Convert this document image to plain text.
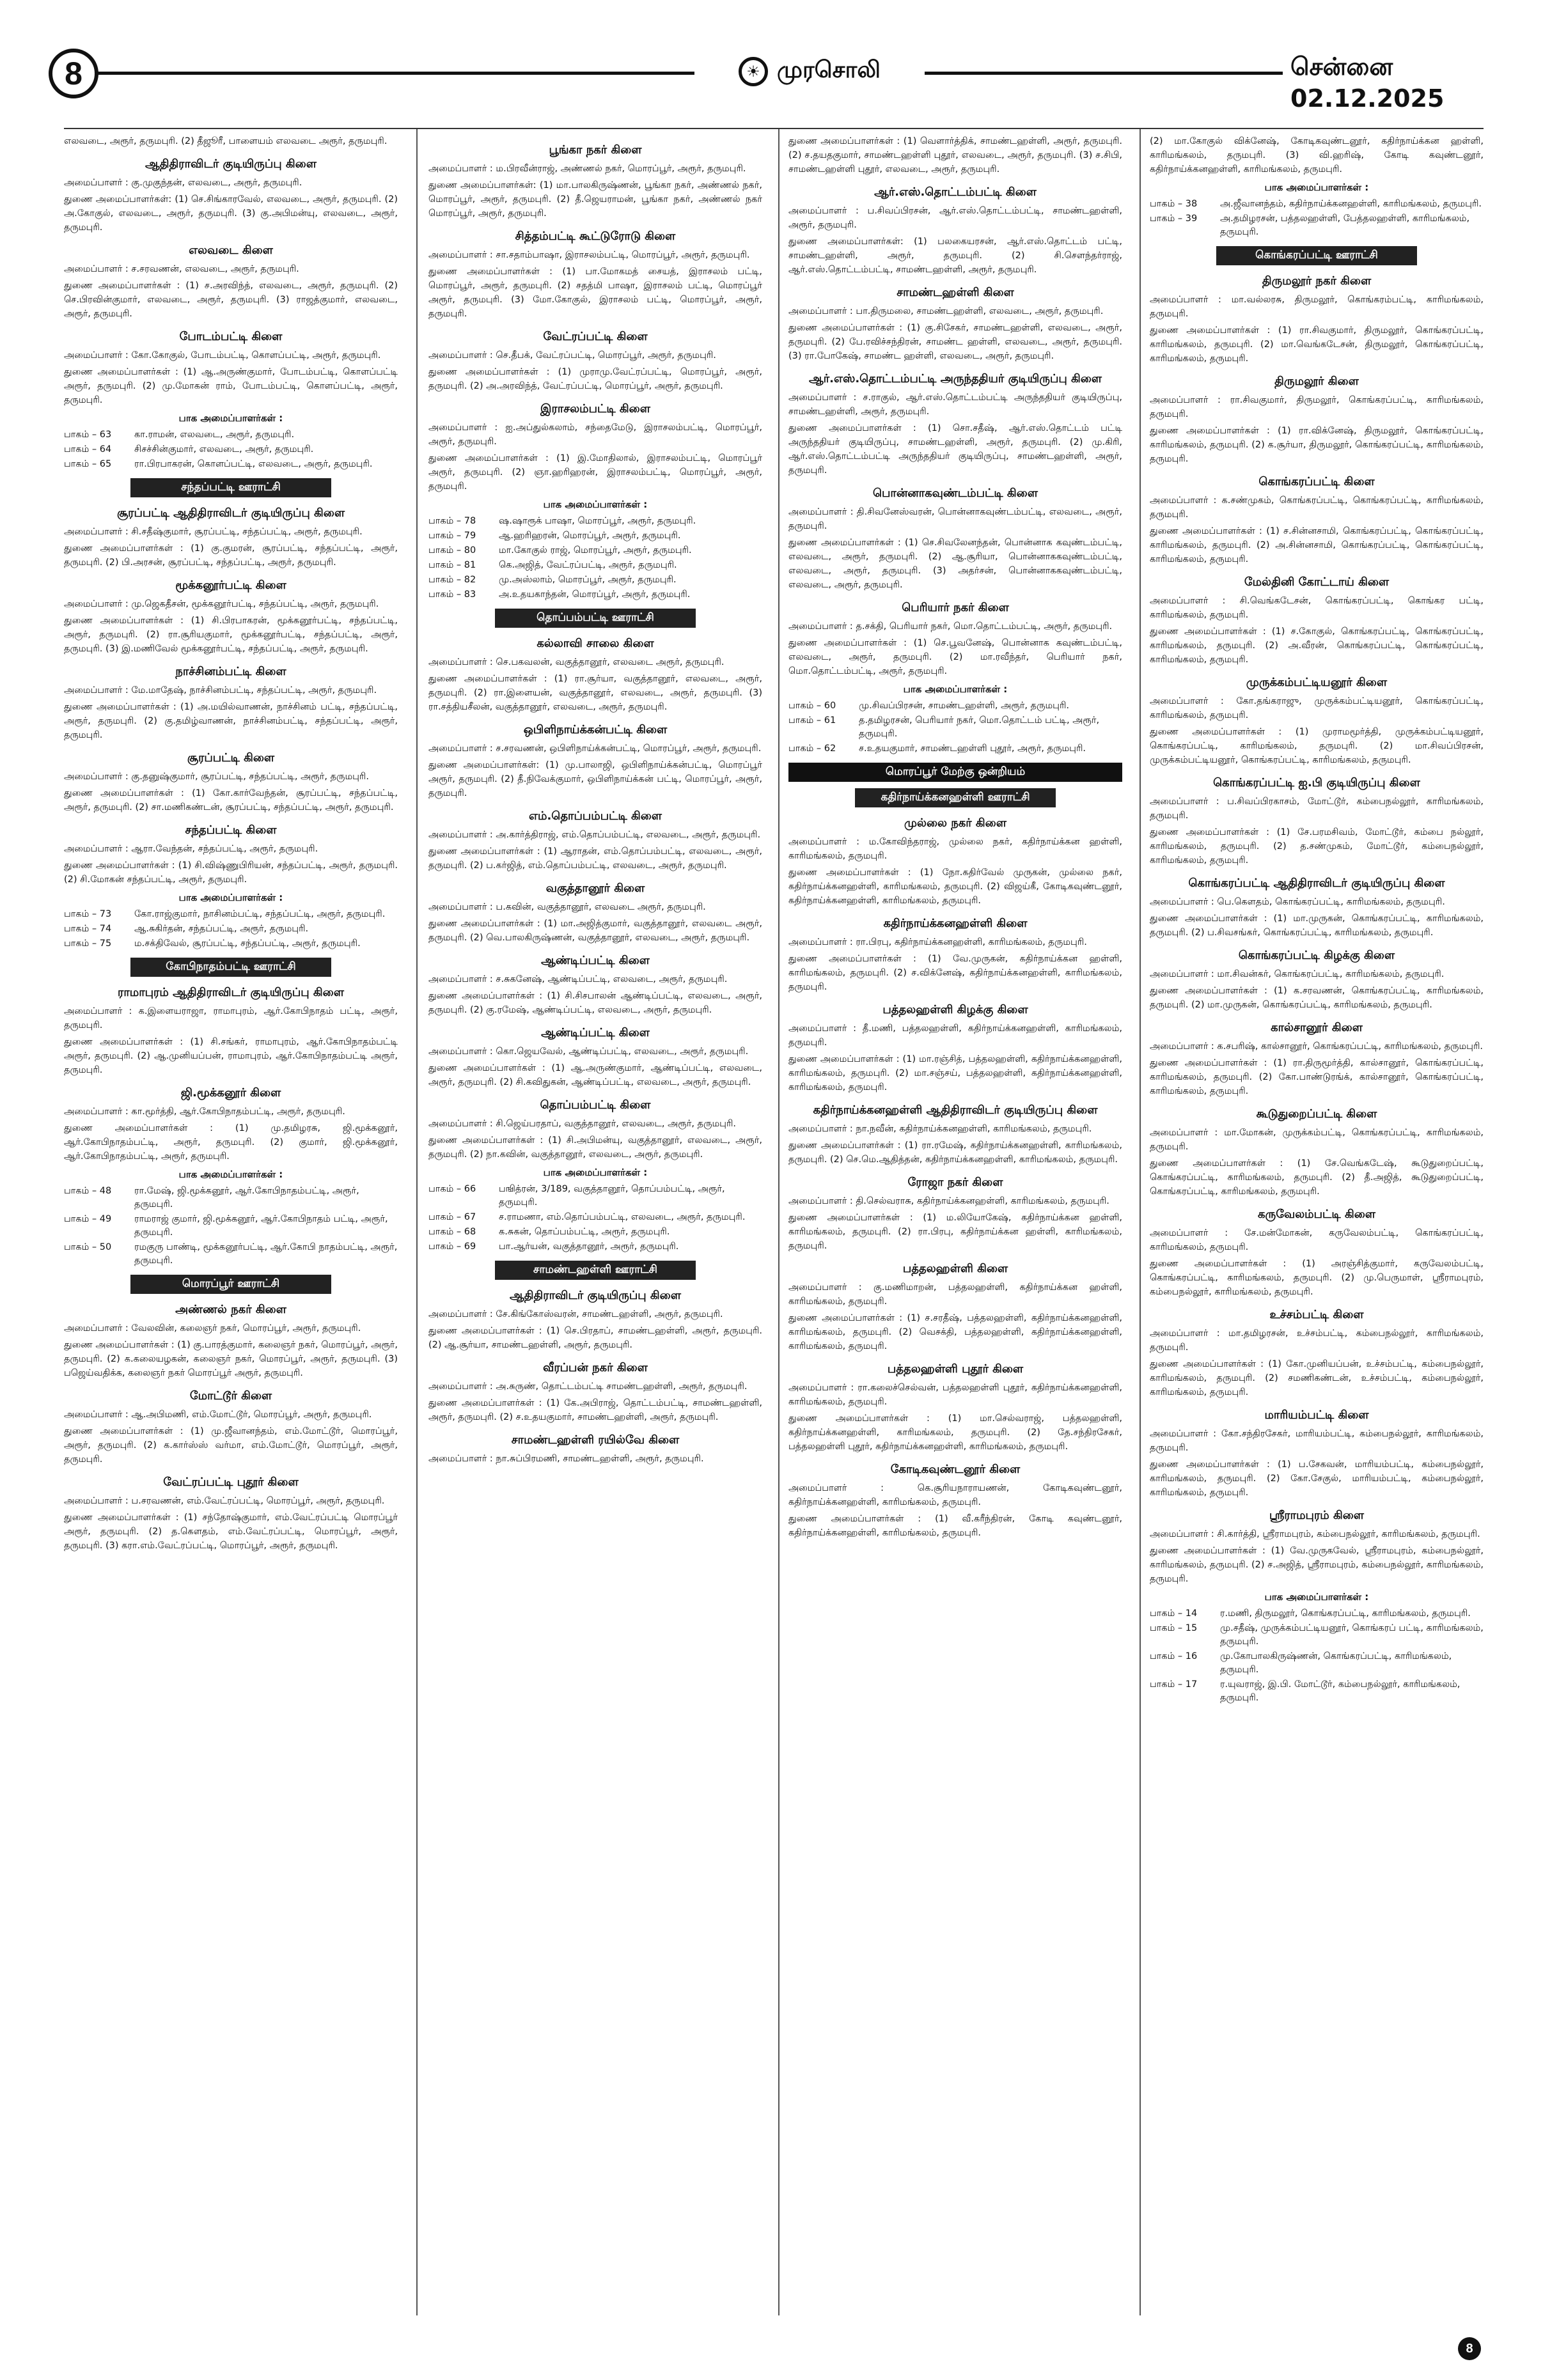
8	☀ முரசொலி	சென்னை 02.12.2025

எலவடை, அரூர், தருமபுரி. (2) தீஜூரீ, பாளையம் எலவடை அரூர், தருமபுரி.

ஆதிதிராவிடர் குடியிருப்பு கிளை

அமைப்பாளர் : கு.முகுந்தன், எலவடை, அரூர், தருமபுரி.

துணை அமைப்பாளர்கள்: (1) செ.சிங்காரவேல், எலவடை, அரூர், தருமபுரி. (2) அ.கோகுல், எலவடை, அரூர், தருமபுரி. (3) கு.அபிமன்யு, எலவடை, அரூர், தருமபுரி.

எலவடை கிளை

அமைப்பாளர் : ச.சரவணன், எலவடை, அரூர், தருமபுரி.

துணை அமைப்பாளர்கள் : (1) ச.அரவிந்த், எலவடை, அரூர், தருமபுரி. (2) செ.பிரவின்குமார், எலவடை, அரூர், தருமபுரி. (3) ராஜத்குமார், எலவடை, அரூர், தருமபுரி.

போடம்பட்டி கிளை

அமைப்பாளர் : கோ.கோகுல், போடம்பட்டி, கொளப்பட்டி, அரூர், தருமபுரி.

துணை அமைப்பாளர்கள் : (1) ஆ.அருண்குமார், போடம்பட்டி, கொளப்பட்டி அரூர், தருமபுரி. (2) மு.மோகன் ராம், போடம்பட்டி, கொளப்பட்டி, அரூர், தருமபுரி.

பாக அமைப்பாளர்கள் :

பாகம் – 63	கா.ராமன், எலவடை, அரூர், தருமபுரி.
பாகம் – 64	சிசச்சின்குமார், எலவடை, அரூர், தருமபுரி.
பாகம் – 65	ரா.பிரபாகரன், கொளப்பட்டி, எலவடை, அரூர், தருமபுரி.
சந்தப்பட்டி ஊராட்சி
சூரப்பட்டி ஆதிதிராவிடர் குடியிருப்பு கிளை

அமைப்பாளர் : சி.சதீஷ்குமார், சூரப்பட்டி, சந்தப்பட்டி, அரூர், தருமபுரி.

துணை அமைப்பாளர்கள் : (1) கு.குமரன், சூரப்பட்டி, சந்தப்பட்டி, அரூர், தருமபுரி. (2) பி.அரசன், சூரப்பட்டி, சந்தப்பட்டி, அரூர், தருமபுரி.

மூக்கனூர்பட்டி கிளை

அமைப்பாளர் : மு.ஜெகதீசன், மூக்கனூர்பட்டி, சந்தப்பட்டி, அரூர், தருமபுரி.

துணை அமைப்பாளர்கள் : (1) சி.பிரபாகரன், மூக்கனூர்பட்டி, சந்தப்பட்டி, அரூர், தருமபுரி. (2) ரா.சூரியகுமார், மூக்கனூர்பட்டி, சந்தப்பட்டி, அரூர், தருமபுரி. (3) இ.மணிவேல் மூக்கனூர்பட்டி, சந்தப்பட்டி, அரூர், தருமபுரி.

நாச்சினம்பட்டி கிளை

அமைப்பாளர் : மே.மாதேஷ், நாச்சினம்பட்டி, சந்தப்பட்டி, அரூர், தருமபுரி.

துணை அமைப்பாளர்கள் : (1) அ.மயில்வாணன், நாச்சினம் பட்டி, சந்தப்பட்டி, அரூர், தருமபுரி. (2) கு.தமிழ்வாணன், நாச்சினம்பட்டி, சந்தப்பட்டி, அரூர், தருமபுரி.

சூரப்பட்டி கிளை

அமைப்பாளர் : கு.தனுஷ்குமார், சூரப்பட்டி, சந்தப்பட்டி, அரூர், தருமபுரி.

துணை அமைப்பாளர்கள் : (1) கோ.கார்வேந்தன், சூரப்பட்டி, சந்தப்பட்டி, அரூர், தருமபுரி. (2) சா.மணிகண்டன், சூரப்பட்டி, சந்தப்பட்டி, அரூர், தருமபுரி.

சந்தப்பட்டி கிளை

அமைப்பாளர் : ஆரா.வேந்தன், சந்தப்பட்டி, அரூர், தருமபுரி.

துணை அமைப்பாளர்கள் : (1) சி.விஷ்ணுபிரியன், சந்தப்பட்டி, அரூர், தருமபுரி. (2) சி.மோகன் சந்தப்பட்டி, அரூர், தருமபுரி.

பாக அமைப்பாளர்கள் :

பாகம் – 73	கோ.ராஜ்குமார், நாசினம்பட்டி, சந்தப்பட்டி, அரூர், தருமபுரி.
பாகம் – 74	ஆ.சுகிர்தன், சந்தப்பட்டி, அரூர், தருமபுரி.
பாகம் – 75	ம.சக்திவேல், சூரப்பட்டி, சந்தப்பட்டி, அரூர், தருமபுரி.
கோபிநாதம்பட்டி ஊராட்சி
ராமாபுரம் ஆதிதிராவிடர் குடியிருப்பு கிளை

அமைப்பாளர் : க.இளையராஜா, ராமாபுரம், ஆர்.கோபிநாதம் பட்டி, அரூர், தருமபுரி.

துணை அமைப்பாளர்கள் : (1) சி.சங்கர், ராமாபுரம், ஆர்.கோபிநாதம்பட்டி அரூர், தருமபுரி. (2) ஆ.முனியப்பன், ராமாபுரம், ஆர்.கோபிநாதம்பட்டி அரூர், தருமபுரி.

ஜி.மூக்கனூர் கிளை

அமைப்பாளர் : கா.மூர்த்தி, ஆர்.கோபிநாதம்பட்டி, அரூர், தருமபுரி.

துணை அமைப்பாளர்கள் : (1) மு.தமிழரசு, ஜி.மூக்கனூர், ஆர்.கோபிநாதம்பட்டி, அரூர், தருமபுரி. (2) குமார், ஜி.மூக்கனூர், ஆர்.கோபிநாதம்பட்டி, அரூர், தருமபுரி.

பாக அமைப்பாளர்கள் :

பாகம் – 48	ரா.மேஷ், ஜி.மூக்கனூர், ஆர்.கோபிநாதம்பட்டி, அரூர், தருமபுரி.
பாகம் – 49	ராமராஜ் குமார், ஜி.மூக்கனூர், ஆர்.கோபிநாதம் பட்டி, அரூர், தருமபுரி.
பாகம் – 50	ரமகுரு பாண்டி, மூக்கனூர்பட்டி, ஆர்.கோபி நாதம்பட்டி, அரூர், தருமபுரி.
மொரப்பூர் ஊராட்சி
அண்ணல் நகர் கிளை

அமைப்பாளர் : வேலவின், கலைஞர் நகர், மொரப்பூர், அரூர், தருமபுரி.

துணை அமைப்பாளர்கள் : (1) கு.பாரத்குமார், கலைஞர் நகர், மொரப்பூர், அரூர், தருமபுரி. (2) க.கலையழகன், கலைஞர் நகர், மொரப்பூர், அரூர், தருமபுரி. (3) பஜெய்வதிக்க, கலைஞர் நகர் மொரப்பூர் அரூர், தருமபுரி.

மோட்டூர் கிளை

அமைப்பாளர் : ஆ.அபிமணி, எம்.மோட்டூர், மொரப்பூர், அரூர், தருமபுரி.

துணை அமைப்பாளர்கள் : (1) மு.ஜீவானந்தம், எம்.மோட்டூர், மொரப்பூர், அரூர், தருமபுரி. (2) க.கார்ஸ்ஸ் வர்மா, எம்.மோட்டூர், மொரப்பூர், அரூர், தருமபுரி.

வேட்ரப்பட்டி புதூர் கிளை

அமைப்பாளர் : ப.சரவணன், எம்.வேட்ரப்பட்டி, மொரப்பூர், அரூர், தருமபுரி.

துணை அமைப்பாளர்கள் : (1) சந்தோஷ்குமார், எம்.வேட்ரப்பட்டி மொரப்பூர் அரூர், தருமபுரி. (2) த.கௌதம், எம்.வேட்ரப்பட்டி, மொரப்பூர், அரூர், தருமபுரி. (3) கரா.எம்.வேட்ரப்பட்டி, மொரப்பூர், அரூர், தருமபுரி.

பூங்கா நகர் கிளை

அமைப்பாளர் : ம.பிரவீன்ராஜ், அண்ணல் நகர், மொரப்பூர், அரூர், தருமபுரி.

துணை அமைப்பாளர்கள்: (1) மா.பாலகிருஷ்ணன், பூங்கா நகர், அண்ணல் நகர், மொரப்பூர், அரூர், தருமபுரி. (2) தீ.ஜெயராமன், பூங்கா நகர், அண்ணல் நகர் மொரப்பூர், அரூர், தருமபுரி.

சித்தம்பட்டி கூட்டுரோடு கிளை

அமைப்பாளர் : சா.சதாம்பாஷா, இராசலம்பட்டி, மொரப்பூர், அரூர், தருமபுரி.

துணை அமைப்பாளர்கள் : (1) பா.மோகமத் சையத், இராசலம் பட்டி, மொரப்பூர், அரூர், தருமபுரி. (2) சதத்மி பாஷா, இராசலம் பட்டி, மொரப்பூர் அரூர், தருமபுரி. (3) மோ.கோகுல், இராசலம் பட்டி, மொரப்பூர், அரூர், தருமபுரி.

வேட்ரப்பட்டி கிளை

அமைப்பாளர் : செ.தீபக், வேட்ரப்பட்டி, மொரப்பூர், அரூர், தருமபுரி.

துணை அமைப்பாளர்கள் : (1) முராமு.வேட்ரப்பட்டி, மொரப்பூர், அரூர், தருமபுரி. (2) அ.அரவிந்த், வேட்ரப்பட்டி, மொரப்பூர், அரூர், தருமபுரி.

இராசலம்பட்டி கிளை

அமைப்பாளர் : ஐ.அப்துல்கலாம், சந்தைமேடு, இராசலம்பட்டி, மொரப்பூர், அரூர், தருமபுரி.

துணை அமைப்பாளர்கள் : (1) இ.மோதிலால், இராசலம்பட்டி, மொரப்பூர் அரூர், தருமபுரி. (2) ஞா.ஹரிஹரன், இராசலம்பட்டி, மொரப்பூர், அரூர், தருமபுரி.

பாக அமைப்பாளர்கள் :

பாகம் – 78	ஷ.ஷாரூக் பாஷா, மொரப்பூர், அரூர், தருமபுரி.
பாகம் – 79	ஆ.ஹரிஹரன், மொரப்பூர், அரூர், தருமபுரி.
பாகம் – 80	மா.கோகுல் ராஜ், மொரப்பூர், அரூர், தருமபுரி.
பாகம் – 81	கெ.அஜித், வேட்ரப்பட்டி, அரூர், தருமபுரி.
பாகம் – 82	மு.அஸ்லாம், மொரப்பூர், அரூர், தருமபுரி.
பாகம் – 83	அ.உதயகாந்தன், மொரப்பூர், அரூர், தருமபுரி.
தொப்பம்பட்டி ஊராட்சி
கல்லாவி சாலை கிளை

அமைப்பாளர் : செ.பகவலன், வகுத்தானூர், எலவடை அரூர், தருமபுரி.

துணை அமைப்பாளர்கள் : (1) ரா.சூர்யா, வகுத்தானூர், எலவடை, அரூர், தருமபுரி. (2) ரா.இளையன், வகுத்தானூர், எலவடை, அரூர், தருமபுரி. (3) ரா.சத்தியசீலன், வகுத்தானூர், எலவடை, அரூர், தருமபுரி.

ஒபிளிநாய்க்கன்பட்டி கிளை

அமைப்பாளர் : ச.சரவணன், ஒபிளிநாய்க்கன்பட்டி, மொரப்பூர், அரூர், தருமபுரி.

துணை அமைப்பாளர்கள்: (1) மு.பாலாஜி, ஒபிளிநாய்க்கன்பட்டி, மொரப்பூர் அரூர், தருமபுரி. (2) தீ.நிவேக்குமார், ஒபிளிநாய்க்கன் பட்டி, மொரப்பூர், அரூர், தருமபுரி.

எம்.தொப்பம்பட்டி கிளை

அமைப்பாளர் : அ.கார்த்திராஜ், எம்.தொப்பம்பட்டி, எலவடை, அரூர், தருமபுரி.

துணை அமைப்பாளர்கள் : (1) ஆராதன், எம்.தொப்பம்பட்டி, எலவடை, அரூர், தருமபுரி. (2) ப.கர்ஜித், எம்.தொப்பம்பட்டி, எலவடை, அரூர், தருமபுரி.

வகுத்தானூர் கிளை

அமைப்பாளர் : ப.கவின், வகுத்தானூர், எலவடை அரூர், தருமபுரி.

துணை அமைப்பாளர்கள் : (1) மா.அஜித்குமார், வகுத்தானூர், எலவடை அரூர், தருமபுரி. (2) வெ.பாலகிருஷ்ணன், வகுத்தானூர், எலவடை, அரூர், தருமபுரி.

ஆண்டிப்பட்டி கிளை

அமைப்பாளர் : ச.சுகனேஷ், ஆண்டிப்பட்டி, எலவடை, அரூர், தருமபுரி.

துணை அமைப்பாளர்கள் : (1) சி.சிசபாலன் ஆண்டிப்பட்டி, எலவடை, அரூர், தருமபுரி. (2) கு.ரமேஷ், ஆண்டிப்பட்டி, எலவடை, அரூர், தருமபுரி.

ஆண்டிப்பட்டி கிளை

அமைப்பாளர் : கொ.ஜெயவேல், ஆண்டிப்பட்டி, எலவடை, அரூர், தருமபுரி.

துணை அமைப்பாளர்கள் : (1) ஆ.அருண்குமார், ஆண்டிப்பட்டி, எலவடை, அரூர், தருமபுரி. (2) சி.கவிதுகன், ஆண்டிப்பட்டி, எலவடை, அரூர், தருமபுரி.

தொப்பம்பட்டி கிளை

அமைப்பாளர் : சி.ஜெய்பரதாப், வகுத்தானூர், எலவடை, அரூர், தருமபுரி.

துணை அமைப்பாளர்கள் : (1) சி.அபிமன்யு, வகுத்தானூர், எலவடை, அரூர், தருமபுரி. (2) நா.கவின், வகுத்தானூர், எலவடை, அரூர், தருமபுரி.

பாக அமைப்பாளர்கள் :

பாகம் – 66	பஙித்ரன், 3/189, வகுத்தானூர், தொப்பம்பட்டி, அரூர், தருமபுரி.
பாகம் – 67	ச.ராமணா, எம்.தொப்பம்பட்டி, எலவடை, அரூர், தருமபுரி.
பாகம் – 68	க.சுகன், தொப்பம்பட்டி, அரூர், தருமபுரி.
பாகம் – 69	பா.ஆர்யன், வகுத்தானூர், அரூர், தருமபுரி.
சாமண்டஹள்ளி ஊராட்சி
ஆதிதிராவிடர் குடியிருப்பு கிளை

அமைப்பாளர் : சே.கிங்கோஸ்வரன், சாமண்டஹள்ளி, அரூர், தருமபுரி.

துணை அமைப்பாளர்கள் : (1) செ.பிரதாப், சாமண்டஹள்ளி, அரூர், தருமபுரி. (2) ஆ.சூர்யா, சாமண்டஹள்ளி, அரூர், தருமபுரி.

வீரப்பன் நகர் கிளை

அமைப்பாளர் : அ.சுருண், தொட்டம்பட்டி சாமண்டஹள்ளி, அரூர், தருமபுரி.

துணை அமைப்பாளர்கள் : (1) கே.அபிராஜ், தொட்டம்பட்டி, சாமண்டஹள்ளி, அரூர், தருமபுரி. (2) ச.உதயகுமார், சாமண்டஹள்ளி, அரூர், தருமபுரி.

சாமண்டஹள்ளி ரயில்வே கிளை

அமைப்பாளர் : நா.சுப்பிரமணி, சாமண்டஹள்ளி, அரூர், தருமபுரி.

துணை அமைப்பாளர்கள் : (1) வெளார்த்திக், சாமண்டஹள்ளி, அரூர், தருமபுரி. (2) ச.தயதகுமார், சாமண்டஹள்ளி புதூர், எலவடை, அரூர், தருமபுரி. (3) ச.சிபி, சாமண்டஹள்ளி புதூர், எலவடை, அரூர், தருமபுரி.

ஆர்.எஸ்.தொட்டம்பட்டி கிளை

அமைப்பாளர் : ப.சிவப்பிரசன், ஆர்.எஸ்.தொட்டம்பட்டி, சாமண்டஹள்ளி, அரூர், தருமபுரி.

துணை அமைப்பாளர்கள்: (1) பலகையரசன், ஆர்.எஸ்.தொட்டம் பட்டி, சாமண்டஹள்ளி, அரூர், தருமபுரி. (2) சி.சௌந்தர்ராஜ், ஆர்.எஸ்.தொட்டம்பட்டி, சாமண்டஹள்ளி, அரூர், தருமபுரி.

சாமண்டஹள்ளி கிளை

அமைப்பாளர் : பா.திருமலை, சாமண்டஹள்ளி, எலவடை, அரூர், தருமபுரி.

துணை அமைப்பாளர்கள் : (1) கு.சிசேகர், சாமண்டஹள்ளி, எலவடை, அரூர், தருமபுரி. (2) பே.ரவிச்சந்திரன், சாமண்ட ஹள்ளி, எலவடை, அரூர், தருமபுரி. (3) ரா.போகேஷ், சாமண்ட ஹள்ளி, எலவடை, அரூர், தருமபுரி.

ஆர்.எஸ்.தொட்டம்பட்டி அருந்ததியர் குடியிருப்பு கிளை

அமைப்பாளர் : ச.ராகுல், ஆர்.எஸ்.தொட்டம்பட்டி அருந்ததியர் குடியிருப்பு, சாமண்டஹள்ளி, அரூர், தருமபுரி.

துணை அமைப்பாளர்கள் : (1) சொ.சதீஷ், ஆர்.எஸ்.தொட்டம் பட்டி அருந்ததியர் குடியிருப்பு, சாமண்டஹள்ளி, அரூர், தருமபுரி. (2) மு.கிரி, ஆர்.எஸ்.தொட்டம்பட்டி அருந்ததியர் குடியிருப்பு, சாமண்டஹள்ளி, அரூர், தருமபுரி.

பொன்னாகவுண்டம்பட்டி கிளை

அமைப்பாளர் : தி.சிவனேஸ்வரன், பொன்னாகவுண்டம்பட்டி, எலவடை, அரூர், தருமபுரி.

துணை அமைப்பாளர்கள் : (1) செ.சிவலேனந்தன், பொன்னாக கவுண்டம்பட்டி, எலவடை, அரூர், தருமபுரி. (2) ஆ.சூரியா, பொன்னாககவுண்டம்பட்டி, எலவடை, அரூர், தருமபுரி. (3) அதர்சன், பொன்னாககவுண்டம்பட்டி, எலவடை, அரூர், தருமபுரி.

பெரியார் நகர் கிளை

அமைப்பாளர் : த.சக்தி, பெரியார் நகர், மொ.தொட்டம்பட்டி, அரூர், தருமபுரி.

துணை அமைப்பாளர்கள் : (1) செ.பூவனேஷ், பொன்னாக கவுண்டம்பட்டி, எலவடை, அரூர், தருமபுரி. (2) மா.ரவீந்தர், பெரியார் நகர், மொ.தொட்டம்பட்டி, அரூர், தருமபுரி.

பாக அமைப்பாளர்கள் :

பாகம் – 60	மு.சிவப்பிரசன், சாமண்டஹள்ளி, அரூர், தருமபுரி.
பாகம் – 61	த.தமிழரசன், பெரியார் நகர், மொ.தொட்டம் பட்டி, அரூர், தருமபுரி.
பாகம் – 62	ச.உதயகுமார், சாமண்டஹள்ளி புதூர், அரூர், தருமபுரி.
மொரப்பூர் மேற்கு ஒன்றியம்
கதிர்நாய்க்கனஹள்ளி ஊராட்சி
முல்லை நகர் கிளை

அமைப்பாளர் : ம.கோவிந்தராஜ், முல்லை நகர், கதிர்நாய்க்கன ஹள்ளி, காரிமங்கலம், தருமபுரி.

துணை அமைப்பாளர்கள் : (1) நோ.கதிர்வேல் முருகன், முல்லை நகர், கதிர்நாய்க்கனஹள்ளி, காரிமங்கலம், தருமபுரி. (2) விஜய்கீ, கோடிகவுண்டனூர், கதிர்நாய்க்கனஹள்ளி, காரிமங்கலம், தருமபுரி.

கதிர்நாய்க்கனஹள்ளி கிளை

அமைப்பாளர் : ரா.பிரபு, கதிர்நாய்க்கனஹள்ளி, காரிமங்கலம், தருமபுரி.

துணை அமைப்பாளர்கள் : (1) வே.முருகன், கதிர்நாய்க்கன ஹள்ளி, காரிமங்கலம், தருமபுரி. (2) ச.விக்னேஷ், கதிர்நாய்க்கனஹள்ளி, காரிமங்கலம், தருமபுரி.

பத்தலஹள்ளி கிழக்கு கிளை

அமைப்பாளர் : தீ.மணி, பத்தலஹள்ளி, கதிர்நாய்க்கனஹள்ளி, காரிமங்கலம், தருமபுரி.

துணை அமைப்பாளர்கள் : (1) மா.ரஞ்சித், பத்தலஹள்ளி, கதிர்நாய்க்கனஹள்ளி, காரிமங்கலம், தருமபுரி. (2) மா.சஞ்சய், பத்தலஹள்ளி, கதிர்நாய்க்கனஹள்ளி, காரிமங்கலம், தருமபுரி.

கதிர்நாய்க்கனஹள்ளி ஆதிதிராவிடர் குடியிருப்பு கிளை

அமைப்பாளர் : நா.நவீன், கதிர்நாய்க்கனஹள்ளி, காரிமங்கலம், தருமபுரி.

துணை அமைப்பாளர்கள் : (1) ரா.ரமேஷ், கதிர்நாய்க்கனஹள்ளி, காரிமங்கலம், தருமபுரி. (2) செ.மெ.ஆதித்தன், கதிர்நாய்க்கனஹள்ளி, காரிமங்கலம், தருமபுரி.

ரோஜா நகர் கிளை

அமைப்பாளர் : தி.செல்வராசு, கதிர்நாய்க்கனஹள்ளி, காரிமங்கலம், தருமபுரி.

துணை அமைப்பாளர்கள் : (1) ம.லியோகேஷ், கதிர்நாய்க்கன ஹள்ளி, காரிமங்கலம், தருமபுரி. (2) ரா.பிரபு, கதிர்நாய்க்கன ஹள்ளி, காரிமங்கலம், தருமபுரி.

பத்தலஹள்ளி கிளை

அமைப்பாளர் : கு.மணிமாறன், பத்தலஹள்ளி, கதிர்நாய்க்கன ஹள்ளி, காரிமங்கலம், தருமபுரி.

துணை அமைப்பாளர்கள் : (1) ச.சரதீஷ், பத்தலஹள்ளி, கதிர்நாய்க்கனஹள்ளி, காரிமங்கலம், தருமபுரி. (2) வெசக்தி, பத்தலஹள்ளி, கதிர்நாய்க்கனஹள்ளி, காரிமங்கலம், தருமபுரி.

பத்தலஹள்ளி புதூர் கிளை

அமைப்பாளர் : ரா.கலைச்செல்வன், பத்தலஹள்ளி புதூர், கதிர்நாய்க்கனஹள்ளி, காரிமங்கலம், தருமபுரி.

துணை அமைப்பாளர்கள் : (1) மா.செல்வராஜ், பத்தலஹள்ளி, கதிர்நாய்க்கனஹள்ளி, காரிமங்கலம், தருமபுரி. (2) தே.சந்திரசேகர், பத்தலஹள்ளி புதூர், கதிர்நாய்க்கனஹள்ளி, காரிமங்கலம், தருமபுரி.

கோடிகவுண்டனூர் கிளை

அமைப்பாளர் : கெ.சூரியநாராயணன், கோடிகவுண்டனூர், கதிர்நாய்க்கனஹள்ளி, காரிமங்கலம், தருமபுரி.

துணை அமைப்பாளர்கள் : (1) வீ.கரீந்திரன், கோடி கவுண்டனூர், கதிர்நாய்க்கனஹள்ளி, காரிமங்கலம், தருமபுரி.

(2) மா.கோகுல் விக்னேஷ், கோடிகவுண்டனூர், கதிர்நாய்க்கன ஹள்ளி, காரிமங்கலம், தருமபுரி. (3) வி.ஹரிஷ், கோடி கவுண்டனூர், கதிர்நாய்க்கனஹள்ளி, காரிமங்கலம், தருமபுரி.

பாக அமைப்பாளர்கள் :

பாகம் – 38	அ.ஜீவானந்தம், கதிர்நாய்க்கனஹள்ளி, காரிமங்கலம், தருமபுரி.
பாகம் – 39	அ.தமிழரசன், பத்தலஹள்ளி, பேத்தலஹள்ளி, காரிமங்கலம், தருமபுரி.
கொங்கரப்பட்டி ஊராட்சி
திருமலூர் நகர் கிளை

அமைப்பாளர் : மா.வல்லரசு, திருமலூர், கொங்கரம்பட்டி, காரிமங்கலம், தருமபுரி.

துணை அமைப்பாளர்கள் : (1) ரா.சிவகுமார், திருமலூர், கொங்கரப்பட்டி, காரிமங்கலம், தருமபுரி. (2) மா.வெங்கடேசன், திருமலூர், கொங்கரப்பட்டி, காரிமங்கலம், தருமபுரி.

திருமலூர் கிளை

அமைப்பாளர் : ரா.சிவகுமார், திருமலூர், கொங்கரப்பட்டி, காரிமங்கலம், தருமபுரி.

துணை அமைப்பாளர்கள் : (1) ரா.விக்னேஷ், திருமலூர், கொங்கரப்பட்டி, காரிமங்கலம், தருமபுரி. (2) க.சூர்யா, திருமலூர், கொங்கரப்பட்டி, காரிமங்கலம், தருமபுரி.

கொங்கரப்பட்டி கிளை

அமைப்பாளர் : க.சண்முகம், கொங்கரப்பட்டி, கொங்கரப்பட்டி, காரிமங்கலம், தருமபுரி.

துணை அமைப்பாளர்கள் : (1) ச.சின்னசாமி, கொங்கரப்பட்டி, கொங்கரப்பட்டி, காரிமங்கலம், தருமபுரி. (2) அ.சின்னசாமி, கொங்கரப்பட்டி, கொங்கரப்பட்டி, காரிமங்கலம், தருமபுரி.

மேல்தினி கோட்டாய் கிளை

அமைப்பாளர் : சி.வெங்கடேசன், கொங்கரப்பட்டி, கொங்கர பட்டி, காரிமங்கலம், தருமபுரி.

துணை அமைப்பாளர்கள் : (1) ச.கோகுல், கொங்கரப்பட்டி, கொங்கரப்பட்டி, காரிமங்கலம், தருமபுரி. (2) அ.வீரன், கொங்கரப்பட்டி, கொங்கரப்பட்டி, காரிமங்கலம், தருமபுரி.

முருக்கம்பட்டியனூர் கிளை

அமைப்பாளர் : கோ.தங்கராஜு, முருக்கம்பட்டியனூர், கொங்கரப்பட்டி, காரிமங்கலம், தருமபுரி.

துணை அமைப்பாளர்கள் : (1) முராமமூர்த்தி, முருக்கம்பட்டியனூர், கொங்கரப்பட்டி, காரிமங்கலம், தருமபுரி. (2) மா.சிவப்பிரசன், முருக்கம்பட்டியனூர், கொங்கரப்பட்டி, காரிமங்கலம், தருமபுரி.

கொங்கரப்பட்டி ஐ.பி குடியிருப்பு கிளை

அமைப்பாளர் : ப.சிவப்பிரகாசம், மோட்டூர், கம்பைநல்லூர், காரிமங்கலம், தருமபுரி.

துணை அமைப்பாளர்கள் : (1) சே.பரமசிவம், மோட்டூர், கம்பை நல்லூர், காரிமங்கலம், தருமபுரி. (2) த.சண்முகம், மோட்டூர், கம்பைநல்லூர், காரிமங்கலம், தருமபுரி.

கொங்கரப்பட்டி ஆதிதிராவிடர் குடியிருப்பு கிளை

அமைப்பாளர் : பெ.கௌதம், கொங்கரப்பட்டி, காரிமங்கலம், தருமபுரி.

துணை அமைப்பாளர்கள் : (1) மா.முருகன், கொங்கரப்பட்டி, காரிமங்கலம், தருமபுரி. (2) ப.சிவசங்கர், கொங்கரப்பட்டி, காரிமங்கலம், தருமபுரி.

கொங்கரப்பட்டி கிழக்கு கிளை

அமைப்பாளர் : மா.சிவன்கர், கொங்கரப்பட்டி, காரிமங்கலம், தருமபுரி.

துணை அமைப்பாளர்கள் : (1) க.சரவணன், கொங்கரப்பட்டி, காரிமங்கலம், தருமபுரி. (2) மா.முருகன், கொங்கரப்பட்டி, காரிமங்கலம், தருமபுரி.

கால்சானூர் கிளை

அமைப்பாளர் : க.சபரிஷ், கால்சானூர், கொங்கரப்பட்டி, காரிமங்கலம், தருமபுரி.

துணை அமைப்பாளர்கள் : (1) ரா.திருமூர்த்தி, கால்சானூர், கொங்கரப்பட்டி, காரிமங்கலம், தருமபுரி. (2) கோ.பாண்டுரங்க், கால்சானூர், கொங்கரப்பட்டி, காரிமங்கலம், தருமபுரி.

கூடுதுறைப்பட்டி கிளை

அமைப்பாளர் : மா.மோகன், முருக்கம்பட்டி, கொங்கரப்பட்டி, காரிமங்கலம், தருமபுரி.

துணை அமைப்பாளர்கள் : (1) சே.வெங்கடேஷ், கூடுதுறைப்பட்டி, கொங்கரப்பட்டி, காரிமங்கலம், தருமபுரி. (2) தீ.அஜித், கூடுதுறைப்பட்டி, கொங்கரப்பட்டி, காரிமங்கலம், தருமபுரி.

கருவேலம்பட்டி கிளை

அமைப்பாளர் : சே.மன்மோகன், கருவேலம்பட்டி, கொங்கரப்பட்டி, காரிமங்கலம், தருமபுரி.

துணை அமைப்பாளர்கள் : (1) அரஞ்சித்குமார், கருவேலம்பட்டி, கொங்கரப்பட்டி, காரிமங்கலம், தருமபுரி. (2) மு.பெருமாள், ஸ்ரீராமபுரம், கம்பைநல்லூர், காரிமங்கலம், தருமபுரி.

உச்சம்பட்டி கிளை

அமைப்பாளர் : மா.தமிழரசன், உச்சம்பட்டி, கம்பைநல்லூர், காரிமங்கலம், தருமபுரி.

துணை அமைப்பாளர்கள் : (1) கோ.முனியப்பன், உச்சம்பட்டி, கம்பைநல்லூர், காரிமங்கலம், தருமபுரி. (2) சமணிகண்டன், உச்சம்பட்டி, கம்பைநல்லூர், காரிமங்கலம், தருமபுரி.

மாரியம்பட்டி கிளை

அமைப்பாளர் : கோ.சந்திரசேகர், மாரியம்பட்டி, கம்பைநல்லூர், காரிமங்கலம், தருமபுரி.

துணை அமைப்பாளர்கள் : (1) ப.சேகவன், மாரியம்பட்டி, கம்பைநல்லூர், காரிமங்கலம், தருமபுரி. (2) கோ.சேகுல், மாரியம்பட்டி, கம்பைநல்லூர், காரிமங்கலம், தருமபுரி.

ஸ்ரீராமபுரம் கிளை

அமைப்பாளர் : சி.கார்த்தி, ஸ்ரீராமபுரம், கம்பைநல்லூர், காரிமங்கலம், தருமபுரி.

துணை அமைப்பாளர்கள் : (1) வே.முருகவேல், ஸ்ரீராமபுரம், கம்பைநல்லூர், காரிமங்கலம், தருமபுரி. (2) ச.அஜித், ஸ்ரீராமபுரம், கம்பைநல்லூர், காரிமங்கலம், தருமபுரி.

பாக அமைப்பாளர்கள் :

பாகம் – 14	ர.மணி, திருமலூர், கொங்கரப்பட்டி, காரிமங்கலம், தருமபுரி.
பாகம் – 15	மு.சதீஷ், முருக்கம்பட்டியனூர், கொங்கரப் பட்டி, காரிமங்கலம், தருமபுரி.
பாகம் – 16	மு.கோபாலகிருஷ்ணன், கொங்கரப்பட்டி, காரிமங்கலம், தருமபுரி.
பாகம் – 17	ர.யுவராஜ், இ.பி. மோட்டூர், கம்பைநல்லூர், காரிமங்கலம், தருமபுரி.
8
